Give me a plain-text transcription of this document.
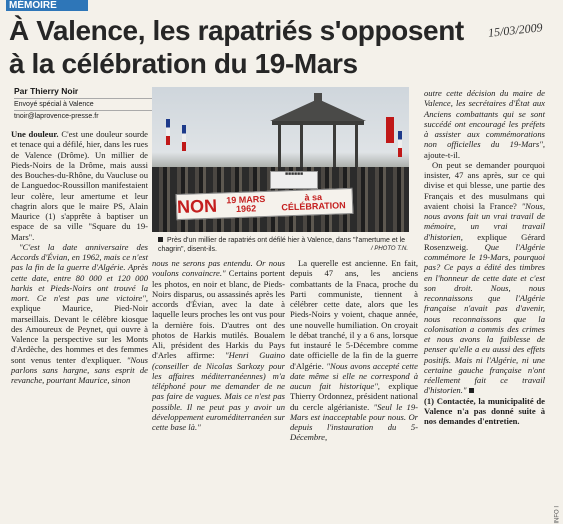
MÉMOIRE
15/03/2009
À Valence, les rapatriés s'opposent à la célébration du 19-Mars
Par Thierry Noir
Envoyé spécial à Valence
tnoir@laprovence-presse.fr
■■■■■■
NON 19 MARS 1962
à sa CÉLÉBRATION
Près d'un millier de rapatriés ont défilé hier à Valence, dans "l'amertume et le chagrin", disent-ils.	/ PHOTO T.N.

Une douleur. C'est une douleur sourde et tenace qui a défilé, hier, dans les rues de Valence (Drôme). Un millier de Pieds-Noirs de la Drôme, mais aussi des Bouches-du-Rhône, du Vaucluse ou de Languedoc-Roussillon manifestaient leur colère, leur amertume et leur chagrin alors que le maire PS, Alain Maurice (1) s'apprête à baptiser un espace de sa ville "Square du 19-Mars".

"C'est la date anniversaire des Accords d'Évian, en 1962, mais ce n'est pas la fin de la guerre d'Algérie. Après cette date, entre 80 000 et 120 000 harkis et Pieds-Noirs ont trouvé la mort. Ce n'est pas une victoire", explique Maurice, Pied-Noir marseillais. Devant le célèbre kiosque des Amoureux de Peynet, qui ouvre à Valence la perspective sur les Monts d'Ardèche, des hommes et des femmes sont venus tenter d'expliquer. "Nous parlons sans hargne, sans esprit de revanche, pourtant Maurice, sinon

nous ne serons pas entendu. Or nous voulons convaincre." Certains portent les photos, en noir et blanc, de Pieds-Noirs disparus, ou assassinés après les accords d'Évian, avec la date à laquelle leurs proches les ont vus pour la dernière fois. D'autres ont des photos de Harkis mutilés. Boualem Ali, président des Harkis du Pays d'Arles affirme: "Henri Guaino (conseiller de Nicolas Sarkozy pour les affaires méditerranéennes) m'a téléphoné pour me demander de ne pas faire de vagues. Mais ce n'est pas possible. Il ne peut pas y avoir un développement euroméditerranéen sur cette base là."

La querelle est ancienne. En fait, depuis 47 ans, les anciens combattants de la Fnaca, proche du Parti communiste, tiennent à célébrer cette date, alors que les Pieds-Noirs y voient, chaque année, une nouvelle humiliation. On croyait le débat tranché, il y a 6 ans, lorsque fut instauré le 5-Décembre comme date officielle de la fin de la guerre d'Algérie. "Nous avons accepté cette date même si elle ne correspond à aucun fait historique", explique Thierry Ordonnez, président national du cercle algérianiste. "Seul le 19-Mars est inacceptable pour nous. Or depuis l'instauration du 5-Décembre,

outre cette décision du maire de Valence, les secrétaires d'État aux Anciens combattants qui se sont succédé ont encouragé les préfets à assister aux commémorations non officielles du 19-Mars", ajoute-t-il.

On peut se demander pourquoi insister, 47 ans après, sur ce qui divise et qui blesse, une partie des Français et des musulmans qui avaient choisi la France? "Nous, nous avons fait un vrai travail de mémoire, un vrai travail d'historien, explique Gérard Rosenzweig. Que l'Algérie commémore le 19-Mars, pourquoi pas? Ce pays a édité des timbres en l'honneur de cette date et c'est son droit. Nous, nous reconnaissons que l'Algérie française n'avait pas d'avenir, nous reconnaissons que la colonisation a commis des crimes et nous avons la faiblesse de penser qu'elle a eu aussi des effets positifs. Mais ni l'Algérie, ni une certaine gauche française n'ont réellement fait ce travail d'historien."

(1) Contactée, la municipalité de Valence n'a pas donné suite à nos demandes d'entretien.

INFO I
